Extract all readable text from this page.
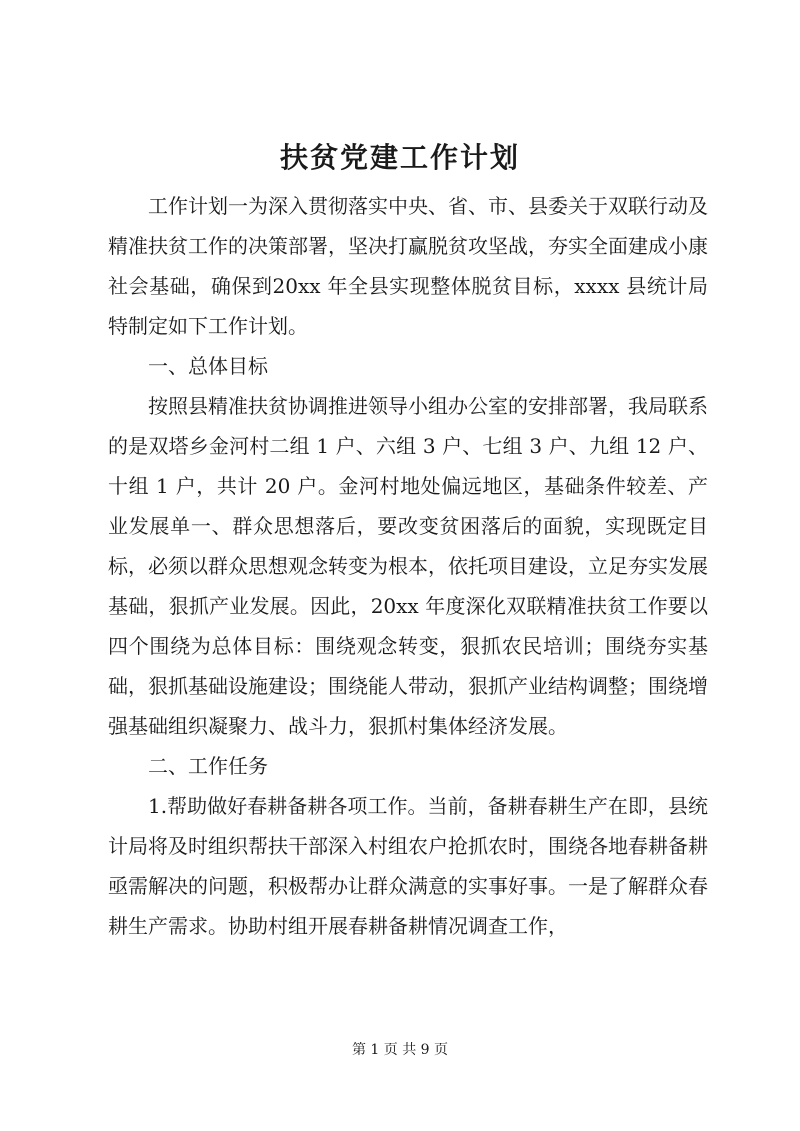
扶贫党建工作计划

工作计划一为深入贯彻落实中央、省、市、县委关于双联行动及精准扶贫工作的决策部署，坚决打赢脱贫攻坚战，夯实全面建成小康社会基础，确保到20xx 年全县实现整体脱贫目标，xxxx 县统计局特制定如下工作计划。

一、总体目标

按照县精准扶贫协调推进领导小组办公室的安排部署，我局联系的是双塔乡金河村二组 1 户、六组 3 户、七组 3 户、九组 12 户、十组 1 户，共计 20 户。金河村地处偏远地区，基础条件较差、产业发展单一、群众思想落后，要改变贫困落后的面貌，实现既定目标，必须以群众思想观念转变为根本，依托项目建设，立足夯实发展基础，狠抓产业发展。因此，20xx 年度深化双联精准扶贫工作要以四个围绕为总体目标：围绕观念转变，狠抓农民培训；围绕夯实基础，狠抓基础设施建设；围绕能人带动，狠抓产业结构调整；围绕增强基础组织凝聚力、战斗力，狠抓村集体经济发展。

二、工作任务

1.帮助做好春耕备耕各项工作。当前，备耕春耕生产在即，县统计局将及时组织帮扶干部深入村组农户抢抓农时，围绕各地春耕备耕亟需解决的问题，积极帮办让群众满意的实事好事。一是了解群众春耕生产需求。协助村组开展春耕备耕情况调查工作，

第 1 页 共 9 页
